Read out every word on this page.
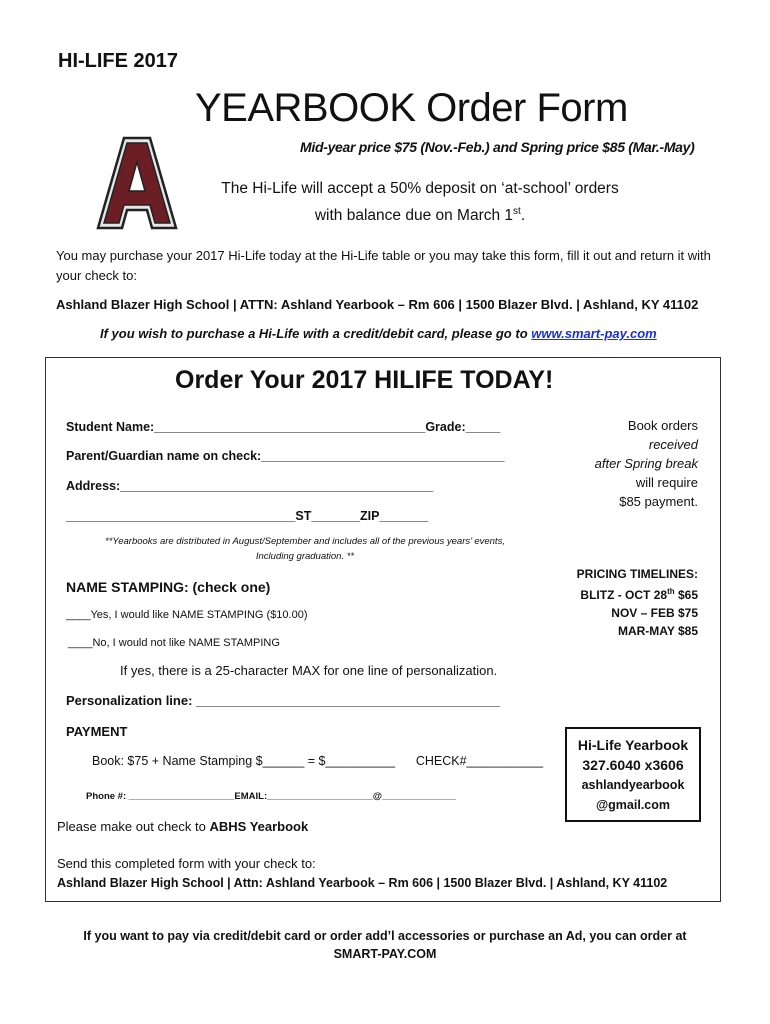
HI-LIFE 2017
YEARBOOK Order Form
Mid-year price $75 (Nov.-Feb.) and Spring price $85 (Mar.-May)
The Hi-Life will accept a 50% deposit on ‘at-school’ orders
with balance due on March 1st.
You may purchase your 2017 Hi-Life today at the Hi-Life table or you may take this form, fill it out and return it with your check to:
Ashland Blazer High School | ATTN: Ashland Yearbook – Rm 606 | 1500 Blazer Blvd. | Ashland, KY 41102
If you wish to purchase a Hi-Life with a credit/debit card, please go to www.smart-pay.com
Order Your 2017 HILIFE TODAY!
Student Name:_______________________________________Grade:_____
Parent/Guardian name on check:___________________________________
Address:_____________________________________________
_________________________________ST_______ZIP_______
Book orders
received
after Spring break
will require
$85 payment.
**Yearbooks are distributed in August/September and includes all of the previous years’ events,
Including graduation. **
NAME STAMPING: (check one)
____Yes, I would like NAME STAMPING ($10.00)
____No, I would not like NAME STAMPING
PRICING TIMELINES:
BLITZ - OCT 28th $65
NOV – FEB $75
MAR-MAY $85
If yes, there is a 25-character MAX for one line of personalization.
Personalization line: __________________________________________
PAYMENT
Book: $75 + Name Stamping $______ = $__________      CHECK#___________
Phone #: ____________________EMAIL:____________________@______________
Hi-Life Yearbook
327.6040 x3606
ashlandyearbook
@gmail.com
Please make out check to ABHS Yearbook
Send this completed form with your check to:
Ashland Blazer High School | Attn: Ashland Yearbook – Rm 606 | 1500 Blazer Blvd. | Ashland, KY 41102
If you want to pay via credit/debit card or order add’l accessories or purchase an Ad, you can order at
SMART-PAY.COM
